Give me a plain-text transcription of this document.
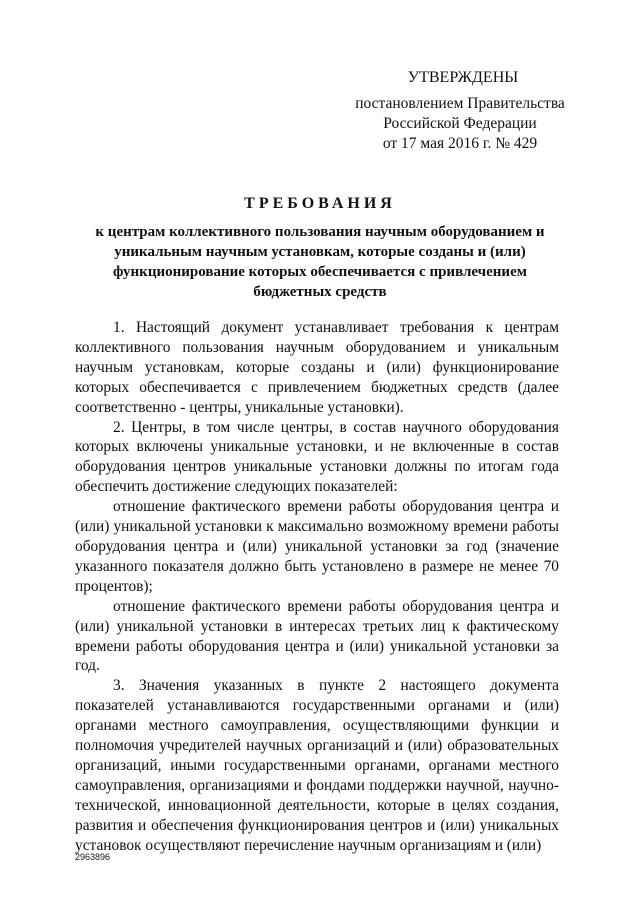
УТВЕРЖДЕНЫ
постановлением Правительства
Российской Федерации
от 17 мая 2016 г. № 429
ТРЕБОВАНИЯ
к центрам коллективного пользования научным оборудованием и уникальным научным установкам, которые созданы и (или) функционирование которых обеспечивается с привлечением бюджетных средств

1. Настоящий документ устанавливает требования к центрам коллективного пользования научным оборудованием и уникальным научным установкам, которые созданы и (или) функционирование которых обеспечивается с привлечением бюджетных средств (далее соответственно - центры, уникальные установки).

2. Центры, в том числе центры, в состав научного оборудования которых включены уникальные установки, и не включенные в состав оборудования центров уникальные установки должны по итогам года обеспечить достижение следующих показателей:

отношение фактического времени работы оборудования центра и (или) уникальной установки к максимально возможному времени работы оборудования центра и (или) уникальной установки за год (значение указанного показателя должно быть установлено в размере не менее 70 процентов);

отношение фактического времени работы оборудования центра и (или) уникальной установки в интересах третьих лиц к фактическому времени работы оборудования центра и (или) уникальной установки за год.

3. Значения указанных в пункте 2 настоящего документа показателей устанавливаются государственными органами и (или) органами местного самоуправления, осуществляющими функции и полномочия учредителей научных организаций и (или) образовательных организаций, иными государственными органами, органами местного самоуправления, организациями и фондами поддержки научной, научно-технической, инновационной деятельности, которые в целях создания, развития и обеспечения функционирования центров и (или) уникальных установок осуществляют перечисление научным организациям и (или)

2963896
